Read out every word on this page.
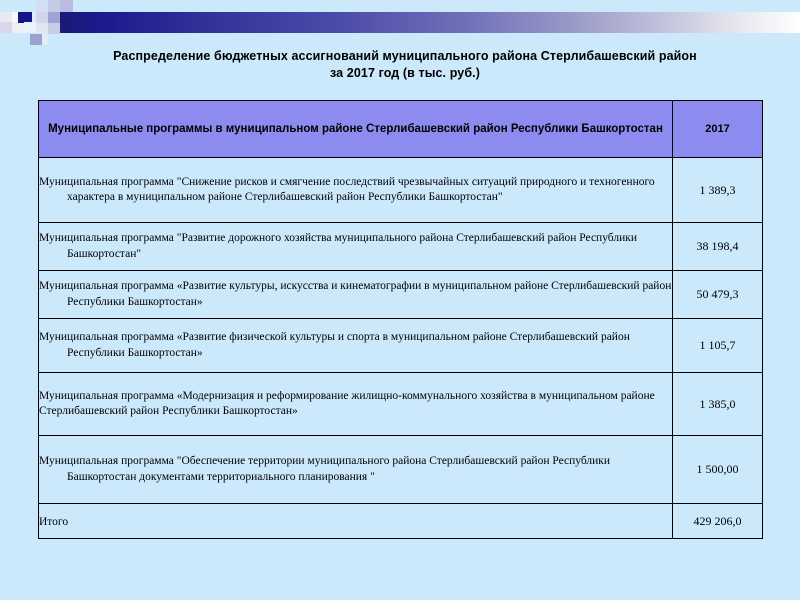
Распределение бюджетных ассигнований муниципального района Стерлибашевский район
за 2017 год (в тыс. руб.)
Муниципальные программы в муниципальном районе Стерлибашевский район Республики Башкортостан	2017

Муниципальная программа "Снижение рисков и смягчение последствий чрезвычайных ситуаций природного и техногенного характера в муниципальном районе Стерлибашевский район Республики Башкортостан"	1 389,3

Муниципальная программа "Развитие дорожного хозяйства муниципального района Стерлибашевский район Республики Башкортостан"	38 198,4

Муниципальная программа «Развитие культуры, искусства и кинематографии в муниципальном районе Стерлибашевский район Республики Башкортостан»	50 479,3

Муниципальная программа «Развитие физической культуры и спорта в муниципальном районе Стерлибашевский район Республики Башкортостан»	1 105,7

Муниципальная программа «Модернизация и реформирование жилищно-коммунального хозяйства в муниципальном районе Стерлибашевский район Республики Башкортостан»	1 385,0

Муниципальная программа "Обеспечение территории муниципального района Стерлибашевский район Республики Башкортостан документами территориального планирования "	1 500,00

Итого	429 206,0
